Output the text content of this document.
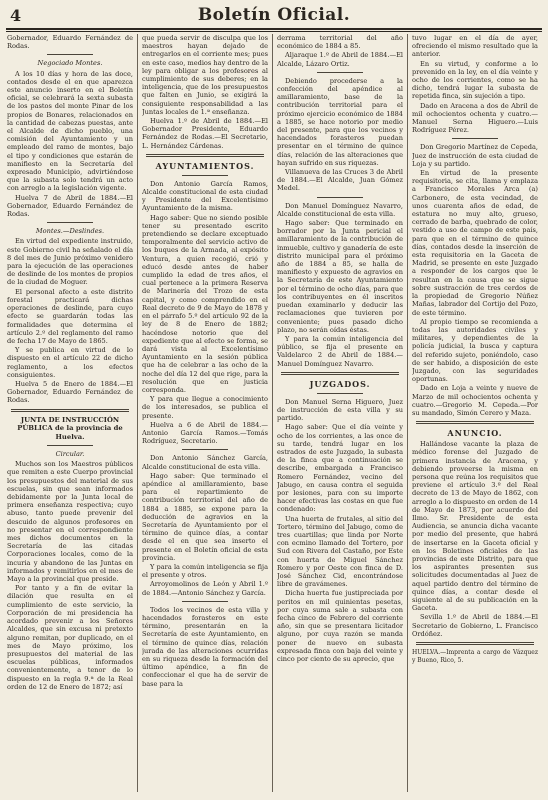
4	Boletín Oficial.

Gobernador, Eduardo Fernández de Rodas.

Negociado Montes.

A los 10 días y hora de las doce, contados desde el en que aparezca este anuncio inserto en el Boletín oficial, se celebrará la sexta subasta de los pastos del monte Pinar de los propios de Bonares, relacionados en la cantidad de cabezas puestas, ante el Alcalde de dicho pueblo, una comisión del Ayuntamiento y un empleado del ramo de montes, bajo el tipo y condiciones que estarán de manifiesto en la Secretaría del expresado Municipio, advirtiéndose que la subasta solo tendrá un acto con arreglo a la legislación vigente.

Huelva 7 de Abril de 1884.—El Gobernador, Eduardo Fernández de Rodas.

Montes.—Deslindes.

En virtud del expediente instruido, este Gobierno civil ha señalado el día 8 del mes de Junio próximo venidero para la ejecución de las operaciones de deslinde de los montes de propios de la ciudad de Moguer.

El personal afecto a este distrito forestal practicará dichas operaciones de deslinde, para cuyo efecto se guardarán todas las formalidades que determina el artículo 2.º del reglamento del ramo de fecha 17 de Mayo de 1865.

Y se publica en virtud de lo dispuesto en el artículo 22 de dicho reglamento, a los efectos consiguientes.

Huelva 5 de Enero de 1884.—El Gobernador, Eduardo Fernández de Rodas.

JUNTA DE INSTRUCCIÓN PÚBLICA de la provincia de Huelva.
Circular.

Muchos son los Maestros públicos que remiten a este Cuerpo provincial los presupuestos del material de sus escuelas, sin que sean informados debidamente por la Junta local de primera enseñanza respectiva; cuyo abuso, tanto puede prevenir del descuido de algunos profesores en no presentar en el correspondiente mes dichos documentos en la Secretaría de las citadas Corporaciones locales, como de la incuria y abandono de las Juntas en informados y remitirlos en el mes de Mayo a la provincial que preside.

Por tanto y a fin de evitar la dilación que resulta en el cumplimiento de este servicio, la Corporación de mi presidencia ha acordado prevenir a los Señores Alcaldes, que sin excusa ni pretexto alguno remitan, por duplicado, en el mes de Mayo próximo, los presupuestos del material de las escuelas públicas, informados convenientemente, a tenor de lo dispuesto en la regla 9.ª de la Real orden de 12 de Enero de 1872; así

que pueda servir de disculpa que los maestros hayan dejado de entregarlos en el corriente mes; pues en este caso, medios hay dentro de la ley para obligar a los profesores al cumplimiento de sus deberes; en la inteligencia, que de los presupuestos que falten en Junio, se exigirá la consiguiente responsabilidad a las Juntas locales de 1.ª enseñanza.

Huelva 1.º de Abril de 1884.—El Gobernador Presidente, Eduardo Fernández de Rodas.—El Secretario, L. Hernández Cárdenas.

AYUNTAMIENTOS.

Don Antonio García Ramos, Alcalde constitucional de esta ciudad y Presidente del Excelentísimo Ayuntamiento de la misma.

Hago saber: Que no siendo posible tener su presentado escrito pretendiendo se declare exceptuado temporalmente del servicio activo de los buques de la Armada, al expósito Ventura, a quien recogió, crió y educó desde antes de haber cumplido la edad de tres años, el cual pertenece a la primera Reserva de Marinería del Trozo de esta capital, y como comprendido en el Real decreto de 9 de Mayo de 1878 y en el párrafo 5.º del artículo 92 de la ley de 8 de Enero de 1882; hacéndose notorio que del expediente que al efecto se forma, se dará vista al Excelentísimo Ayuntamiento en la sesión pública que ha de celebrar a las ocho de la noche del día 12 del que rige, para la resolución que en justicia corresponda.

Y para que llegue a conocimiento de los interesados, se publica el presente.

Huelva a 6 de Abril de 1884.—Antonio García Ramos.—Tomás Rodríguez, Secretario.

Don Antonio Sánchez García, Alcalde constitucional de esta villa.

Hago saber: Que terminado el apéndice al amillaramiento, base para el repartimiento de contribución territorial del año de 1884 a 1885, se expone para la deducción de agravios en la Secretaría de Ayuntamiento por el término de quince días, a contar desde el en que sea inserto el presente en el Boletín oficial de esta provincia.

Y para la común inteligencia se fija el presente y otros.

Arroyomolinos de León y Abril 1.º de 1884.—Antonio Sánchez y García.

Todos los vecinos de esta villa y hacendados forasteros en este término, presentarán en la Secretaría de este Ayuntamiento, en el término de quince días, relación jurada de las alteraciones ocurridas en su riqueza desde la formación del último apéndice, a fin de confeccionar el que ha de servir de base para la

derrama territorial del año económico de 1884 a 85.

Aljaraque 1.º de Abril de 1884.—El Alcalde, Lázaro Ortiz.

Debiendo procederse a la confección del apéndice al amillaramiento, base de la contribución territorial para el próximo ejercicio económico de 1884 a 1885, se hace notorio por medio del presente, para que los vecinos y hacendados forasteros puedan presentar en el término de quince días, relación de las alteraciones que hayan sufrido en sus riquezas.

Villanueva de las Cruces 3 de Abril de 1884.—El Alcalde, Juan Gómez Medel.

Don Manuel Domínguez Navarro, Alcalde constitucional de esta villa.

Hago saber: Que terminado en borrador por la Junta pericial el amillaramiento de la contribución de inmueble, cultivo y ganadería de este distrito municipal para el próximo año de 1884 a 85, se halla de manifiesto y expuesto de agravios en la Secretaría de este Ayuntamiento por el término de ocho días, para que los contribuyentes en él inscritos puedan examinarlo y deducir las reclamaciones que tuvieren por conveniente; pues pasado dicho plazo, no serán oídas éstas.

Y para la común inteligencia del público, se fija el presente en Valdelarco 2 de Abril de 1884.—Manuel Domínguez Navarro.

JUZGADOS.

Don Manuel Serna Higuero, Juez de instrucción de esta villa y su partido.

Hago saber: Que el día veinte y ocho de los corrientes, a las once de su tarde, tendrá lugar en los estrados de este Juzgado, la subasta de la finca que a continuación se describe, embargada a Francisco Romero Fernández, vecino del Jabugo, en causa contra el seguida por lesiones, para con su importe hacer efectivas las costas en que fue condenado:

Una huerta de frutales, al sitio del Tortero, término del Jabugo, como de tres cuartillas; que linda por Norte con ecmino llamado del Tortero, por Sud con Rivera del Castaño, por Este con huerta de Miguel Sánchez Romero y por Oeste con finca de D. José Sánchez Cid, encontrándose libre de gravámenes.

Dicha huerta fue justipreciada por peritos en mil quinientas pesetas, por cuya suma sale a subasta con fecha cinco de Febrero del corriente año, sin que se presentara licitador alguno, por cuya razón se manda poner de nuevo en subasta expresada finca con baja del veinte y cinco por ciento de su aprecio, que

tuvo lugar en el día de ayer, ofreciendo el mismo resultado que la anterior.

En su virtud, y conforme a lo prevenido en la ley, en el día veinte y ocho de los corrientes, como se ha dicho, tendrá lugar la subasta de repetida finca, sin sujeción a tipo.

Dado en Aracena a dos de Abril de mil ochocientos ochenta y cuatro.—Manuel Serna Higuero.—Luis Rodríguez Pérez.

Don Gregorio Martínez de Cepeda, Juez de instrucción de esta ciudad de Loja y su partido.

En virtud de la presente requisitoria, se cita, llama y emplaza a Francisco Morales Arca (a) Carbonero, de esta vecindad, de unos cuarenta años de edad, de estatura no muy alto, grueso, cerrado de barba, quebrado de color, vestido a uso de campo de este país, para que en el término de quince días, contados desde la inserción de esta requisitoria en la Gaceta de Madrid, se presente en este Juzgado a responder de los cargos que le resultan en la causa que se sigue sobre sustracción de tres cerdos de la propiedad de Gregorio Núñez Mañas, labrador del Cortijo del Pozo, de este término.

Al propio tiempo se recomienda a todas las autoridades civiles y militares, y dependientes de la policía judicial, la busca y captura del referido sujeto, poniéndolo, caso de ser habido, a disposición de este Juzgado, con las seguridades oportunas.

Dado en Loja a veinte y nueve de Marzo de mil ochocientos ochenta y cuatro.—Gregorio M. Cepeda.—Por su mandado, Simón Cerero y Maza.

ANUNCIO.

Hallándose vacante la plaza de médico forense del Juzgado de primera instancia de Aracena, y debiendo proveerse la misma en persona que reúna los requisitos que previene el artículo 3.º del Real decreto de 13 de Mayo de 1862, con arreglo a lo dispuesto en orden de 14 de Mayo de 1873, por acuerdo del Ilmo. Sr. Presidente de esta Audiencia, se anuncia dicha vacante por medio del presente, que habrá de insertarse en la Gaceta oficial y en los Boletines oficiales de las provincias de este Distrito, para que los aspirantes presenten sus solicitudes documentadas al Juez de aquel partido dentro del término de quince días, a contar desde el siguiente al de su publicación en la Gaceta.

Sevilla 1.º de Abril de 1884.—El Secretario de Gobierno, L. Francisco Ordóñez.

HUELVA.—Imprenta a cargo de Vázquez y Bueno, Rico, 5.
